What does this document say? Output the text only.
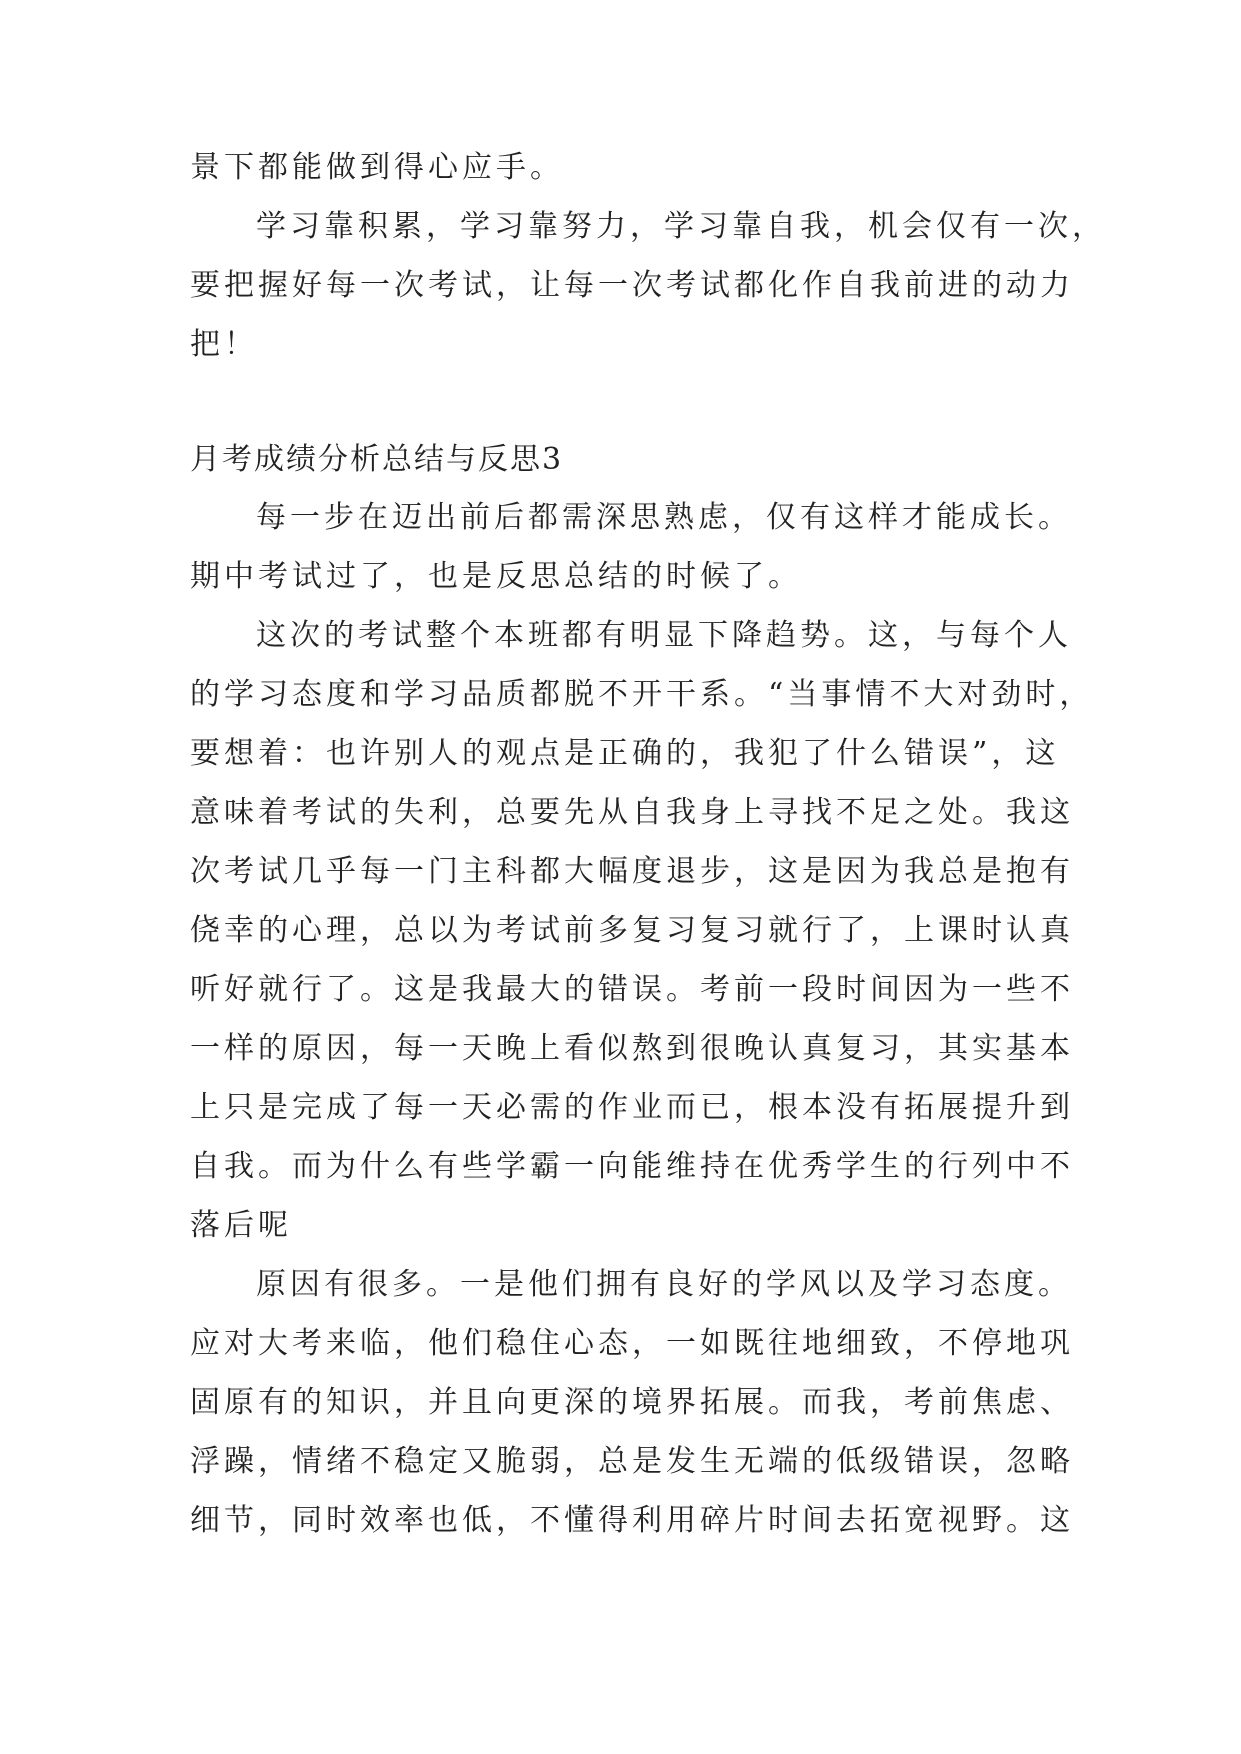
景下都能做到得心应手。
学习靠积累，学习靠努力，学习靠自我，机会仅有一次，
要把握好每一次考试，让每一次考试都化作自我前进的动力
把！
月考成绩分析总结与反思3
每一步在迈出前后都需深思熟虑，仅有这样才能成长。
期中考试过了，也是反思总结的时候了。
这次的考试整个本班都有明显下降趋势。这，与每个人
的学习态度和学习品质都脱不开干系。“当事情不大对劲时，
要想着：也许别人的观点是正确的，我犯了什么错误”，这
意味着考试的失利，总要先从自我身上寻找不足之处。我这
次考试几乎每一门主科都大幅度退步，这是因为我总是抱有
侥幸的心理，总以为考试前多复习复习就行了，上课时认真
听好就行了。这是我最大的错误。考前一段时间因为一些不
一样的原因，每一天晚上看似熬到很晚认真复习，其实基本
上只是完成了每一天必需的作业而已，根本没有拓展提升到
自我。而为什么有些学霸一向能维持在优秀学生的行列中不
落后呢
原因有很多。一是他们拥有良好的学风以及学习态度。
应对大考来临，他们稳住心态，一如既往地细致，不停地巩
固原有的知识，并且向更深的境界拓展。而我，考前焦虑、
浮躁，情绪不稳定又脆弱，总是发生无端的低级错误，忽略
细节，同时效率也低，不懂得利用碎片时间去拓宽视野。这
